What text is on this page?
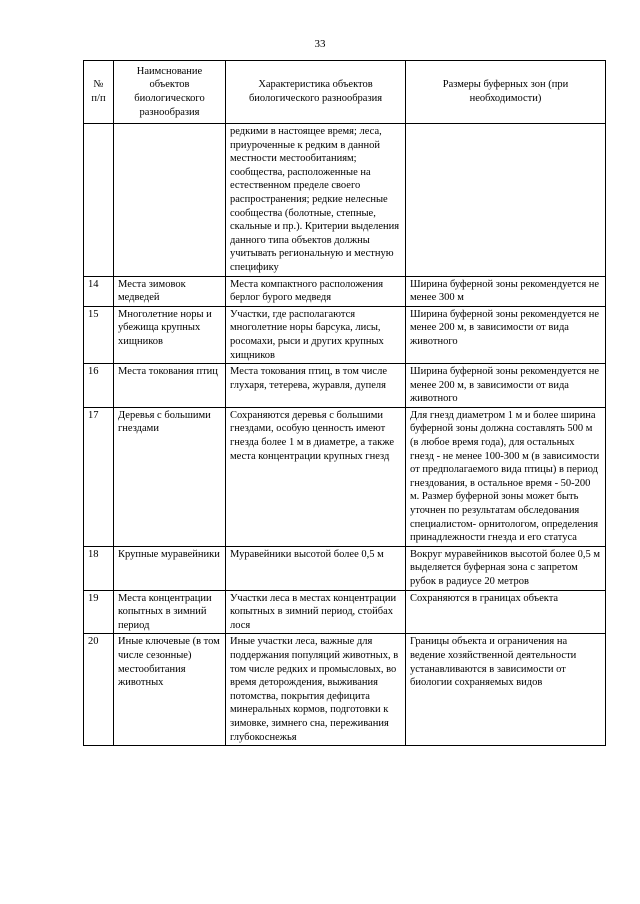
33
№ п/п	Наимснование объектов биологического разнообразия	Характеристика объектов биологического разнообразия	Размеры буферных зон (при необходимости)
		редкими в настоящее время; леса, приуроченные к редким в данной местности местообитаниям; сообщества, расположенные на естественном пределе своего распространения; редкие нелесные сообщества (болотные, степные, скальные и пр.). Критерии выделения данного типа объектов должны учитывать региональную и местную специфику	
14	Места зимовок медведей	Места компактного расположения берлог бурого медведя	Ширина буферной зоны рекомендуется не менее 300 м
15	Многолетние норы и убежища крупных хищников	Участки, где располагаются многолетние норы барсука, лисы, росомахи, рыси и других крупных хищников	Ширина буферной зоны рекомендуется не менее 200 м, в зависимости от вида животного
16	Места токования птиц	Места токования птиц, в том числе глухаря, тетерева, журавля, дупеля	Ширина буферной зоны рекомендуется не менее 200 м, в зависимости от вида животного
17	Деревья с большими гнездами	Сохраняются деревья с большими гнездами, особую ценность имеют гнезда более 1 м в диаметре, а также места концентрации крупных гнезд	Для гнезд диаметром 1 м и более ширина буферной зоны должна составлять 500 м (в любое время года), для остальных гнезд - не менее 100-300 м (в зависимости от предполагаемого вида птицы) в период гнездования, в остальное время - 50-200 м. Размер буферной зоны может быть уточнен по результатам обследования специалистом- орнитологом, определения принадлежности гнезда и его статуса
18	Крупные муравейники	Муравейники высотой более 0,5 м	Вокруг муравейников высотой более 0,5 м выделяется буферная зона с запретом рубок в радиусе 20 метров
19	Места концентрации копытных в зимний период	Участки леса в местах концентрации копытных в зимний период, стойбах лося	Сохраняются в границах объекта
20	Иные ключевые (в том числе сезонные) местообитания животных	Иные участки леса, важные для поддержания популяций животных, в том числе редких и промысловых, во время деторождения, выживания потомства, покрытия дефицита минеральных кормов, подготовки к зимовке, зимнего сна, переживания глубокоснежья	Границы объекта и ограничения на ведение хозяйственной деятельности устанавливаются в зависимости от биологии сохраняемых видов
